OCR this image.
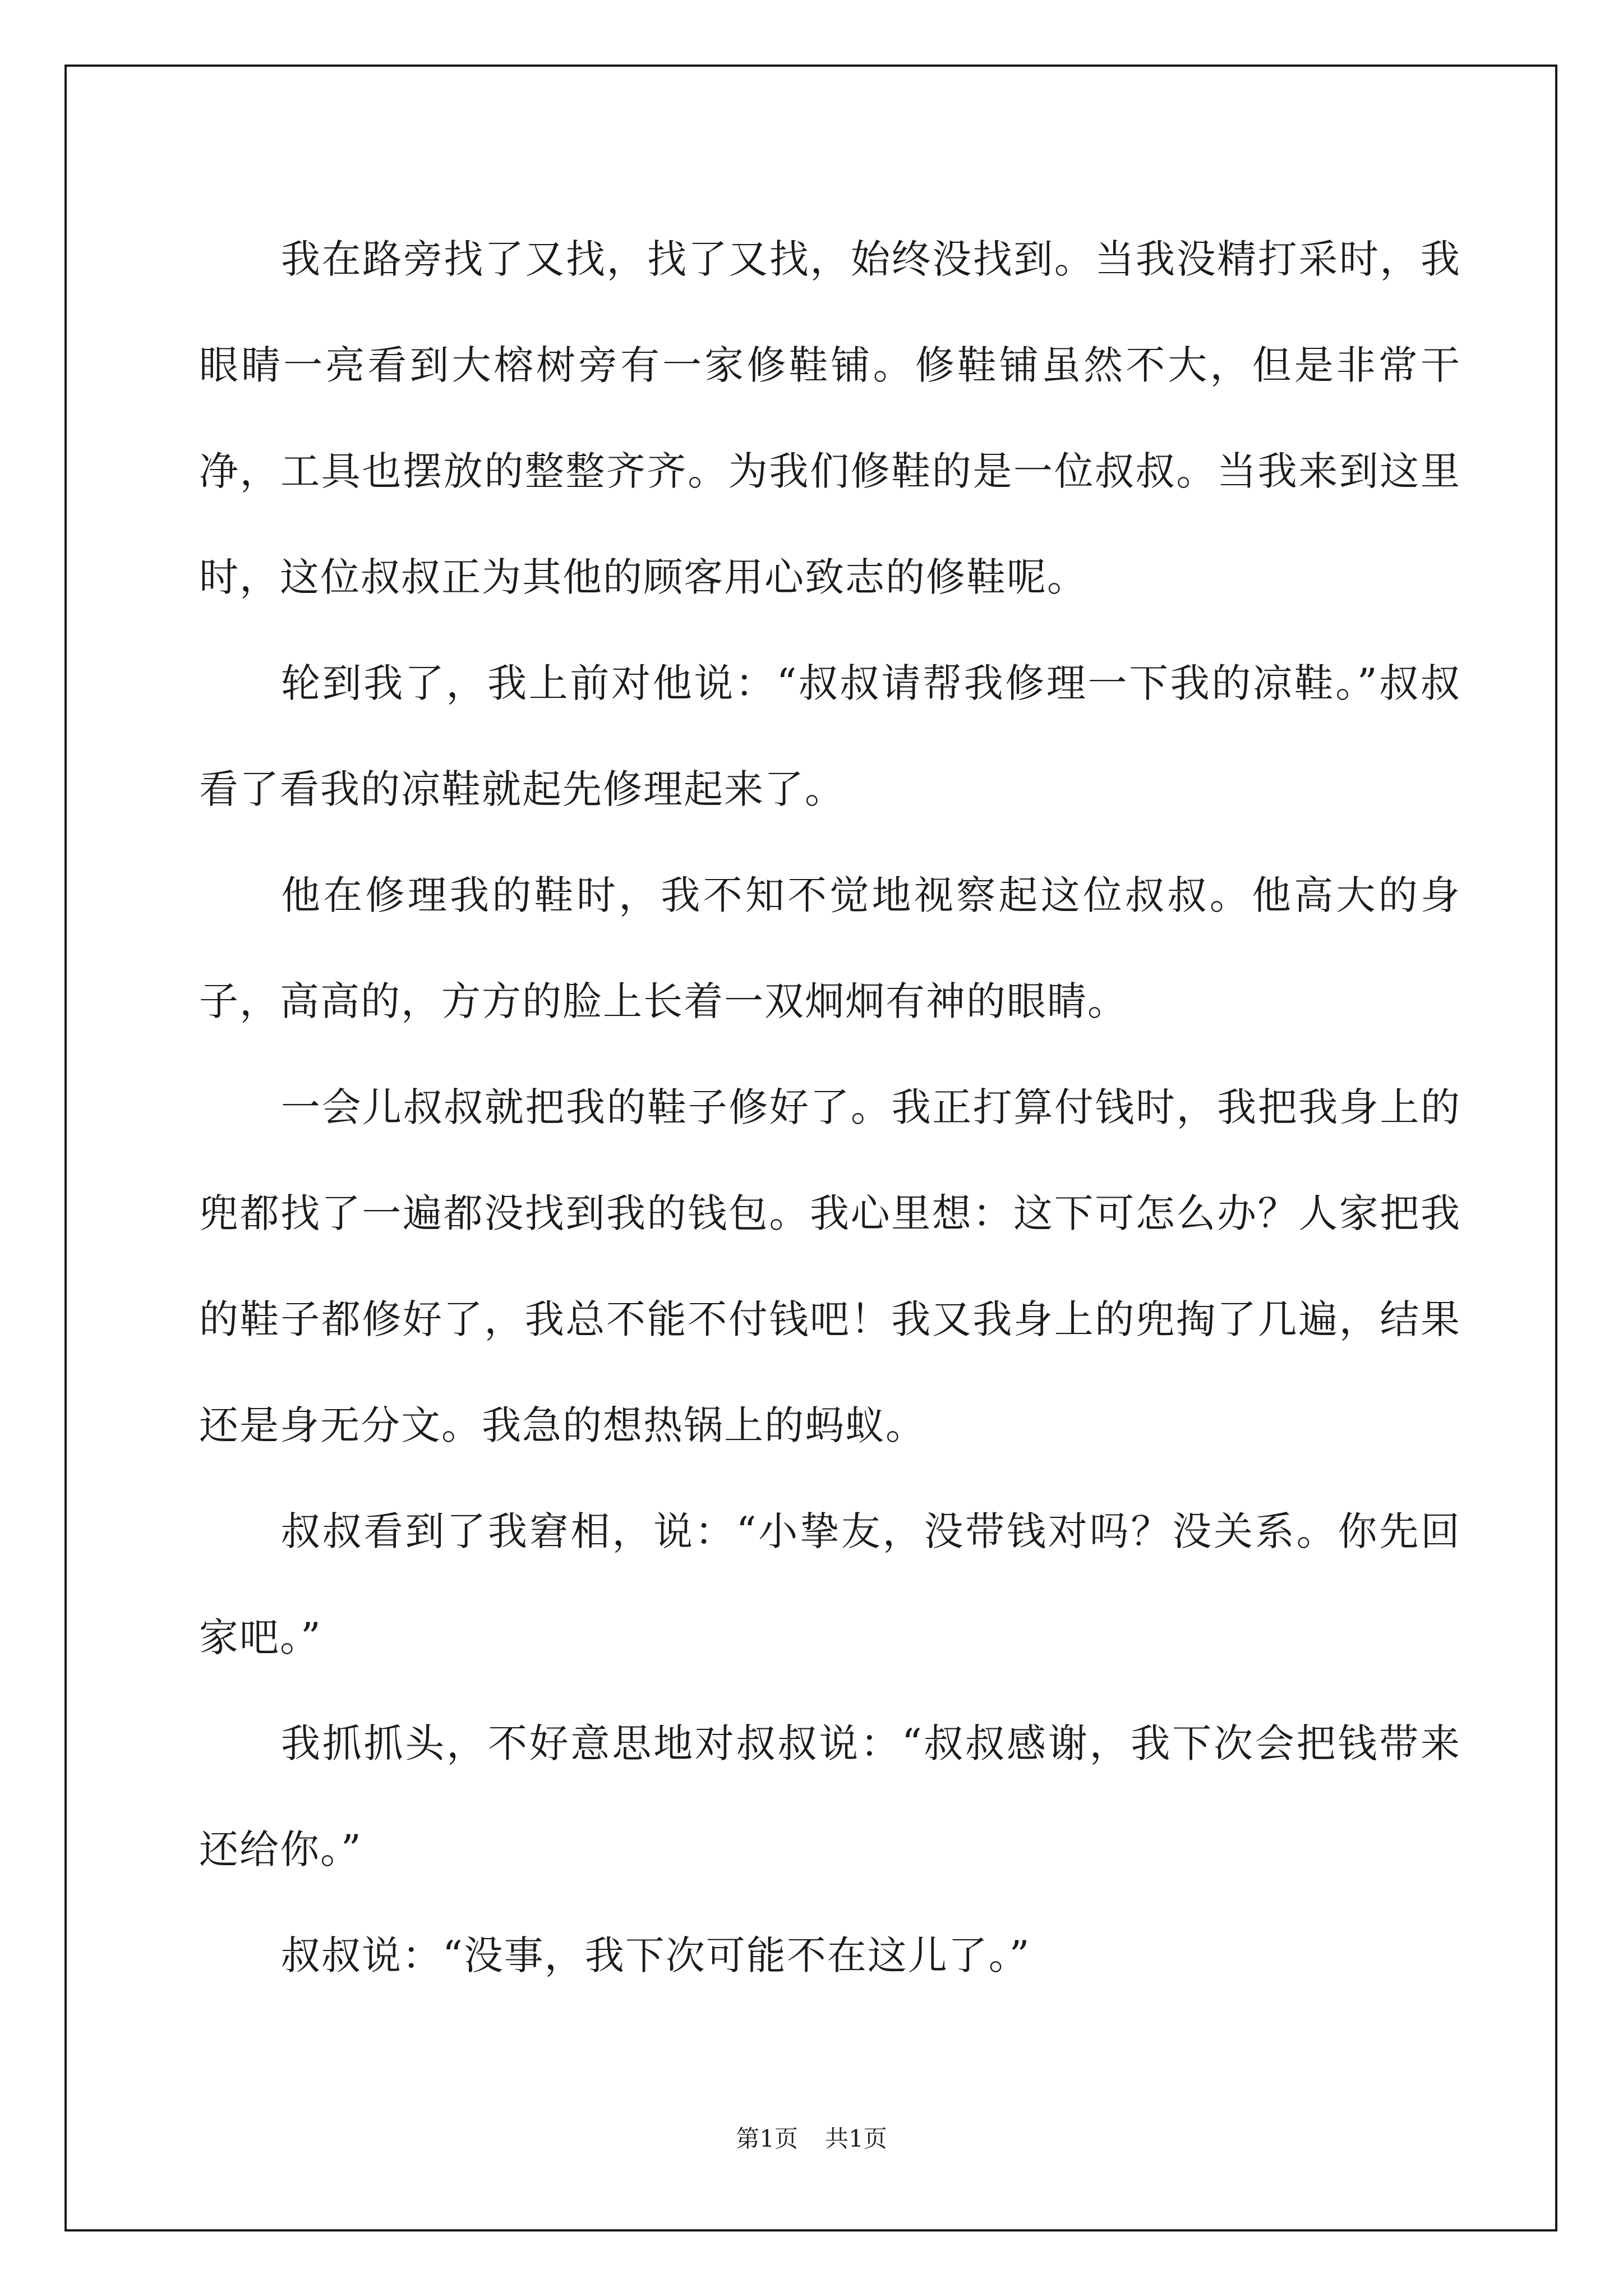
我在路旁找了又找，找了又找，始终没找到。当我没精打采时，我眼睛一亮看到大榕树旁有一家修鞋铺。修鞋铺虽然不大，但是非常干净，工具也摆放的整整齐齐。为我们修鞋的是一位叔叔。当我来到这里时，这位叔叔正为其他的顾客用心致志的修鞋呢。

轮到我了，我上前对他说：“叔叔请帮我修理一下我的凉鞋。”叔叔看了看我的凉鞋就起先修理起来了。

他在修理我的鞋时，我不知不觉地视察起这位叔叔。他高大的身子，高高的，方方的脸上长着一双炯炯有神的眼睛。

一会儿叔叔就把我的鞋子修好了。我正打算付钱时，我把我身上的兜都找了一遍都没找到我的钱包。我心里想：这下可怎么办？人家把我的鞋子都修好了，我总不能不付钱吧！我又我身上的兜掏了几遍，结果还是身无分文。我急的想热锅上的蚂蚁。

叔叔看到了我窘相，说：“小挚友，没带钱对吗？没关系。你先回家吧。”

我抓抓头，不好意思地对叔叔说：“叔叔感谢，我下次会把钱带来还给你。”

叔叔说：“没事，我下次可能不在这儿了。”

第1页 共1页
